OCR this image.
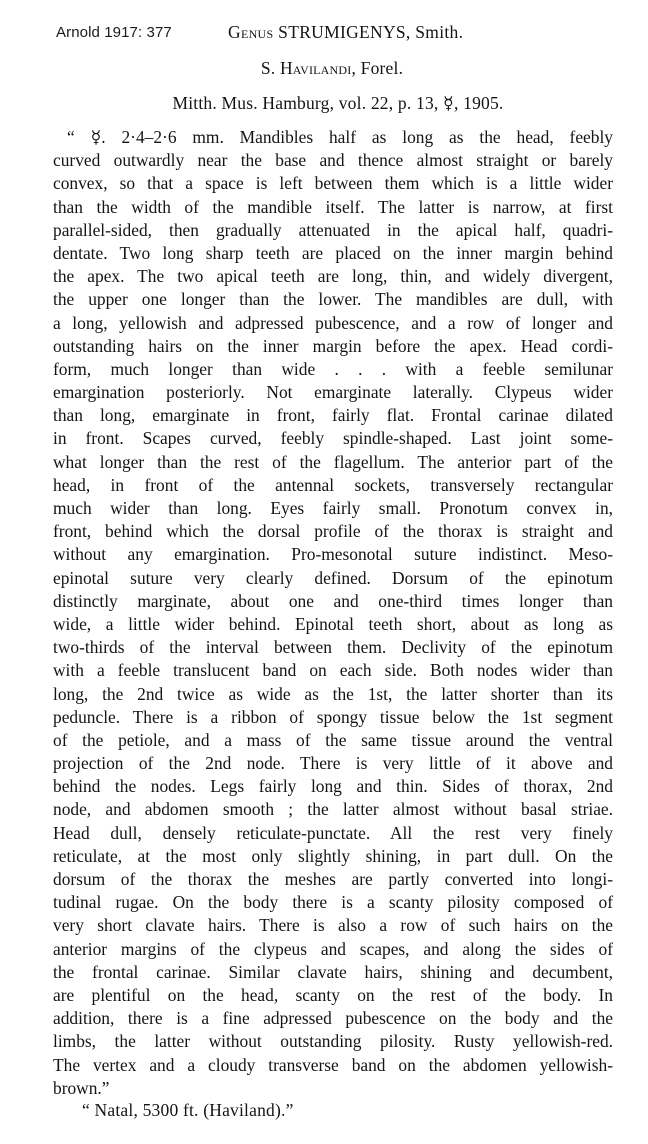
Arnold 1917: 377	Genus STRUMIGENYS, Smith.
S. Havilandi, Forel.
Mitth. Mus. Hamburg, vol. 22, p. 13, ☿, 1905.
“ ☿. 2·4–2·6 mm. Mandibles half as long as the head, feebly
curved outwardly near the base and thence almost straight or barely
convex, so that a space is left between them which is a little wider
than the width of the mandible itself. The latter is narrow, at first
parallel-sided, then gradually attenuated in the apical half, quadri-
dentate. Two long sharp teeth are placed on the inner margin behind
the apex. The two apical teeth are long, thin, and widely divergent,
the upper one longer than the lower. The mandibles are dull, with
a long, yellowish and adpressed pubescence, and a row of longer and
outstanding hairs on the inner margin before the apex. Head cordi-
form, much longer than wide . . . with a feeble semilunar
emargination posteriorly. Not emarginate laterally. Clypeus wider
than long, emarginate in front, fairly flat. Frontal carinae dilated
in front. Scapes curved, feebly spindle-shaped. Last joint some-
what longer than the rest of the flagellum. The anterior part of the
head, in front of the antennal sockets, transversely rectangular
much wider than long. Eyes fairly small. Pronotum convex in,
front, behind which the dorsal profile of the thorax is straight and
without any emargination. Pro-mesonotal suture indistinct. Meso-
epinotal suture very clearly defined. Dorsum of the epinotum
distinctly marginate, about one and one-third times longer than
wide, a little wider behind. Epinotal teeth short, about as long as
two-thirds of the interval between them. Declivity of the epinotum
with a feeble translucent band on each side. Both nodes wider than
long, the 2nd twice as wide as the 1st, the latter shorter than its
peduncle. There is a ribbon of spongy tissue below the 1st segment
of the petiole, and a mass of the same tissue around the ventral
projection of the 2nd node. There is very little of it above and
behind the nodes. Legs fairly long and thin. Sides of thorax, 2nd
node, and abdomen smooth ; the latter almost without basal striae.
Head dull, densely reticulate-punctate. All the rest very finely
reticulate, at the most only slightly shining, in part dull. On the
dorsum of the thorax the meshes are partly converted into longi-
tudinal rugae. On the body there is a scanty pilosity composed of
very short clavate hairs. There is also a row of such hairs on the
anterior margins of the clypeus and scapes, and along the sides of
the frontal carinae. Similar clavate hairs, shining and decumbent,
are plentiful on the head, scanty on the rest of the body. In
addition, there is a fine adpressed pubescence on the body and the
limbs, the latter without outstanding pilosity. Rusty yellowish-red.
The vertex and a cloudy transverse band on the abdomen yellowish-
brown.”
“ Natal, 5300 ft. (Haviland).”
